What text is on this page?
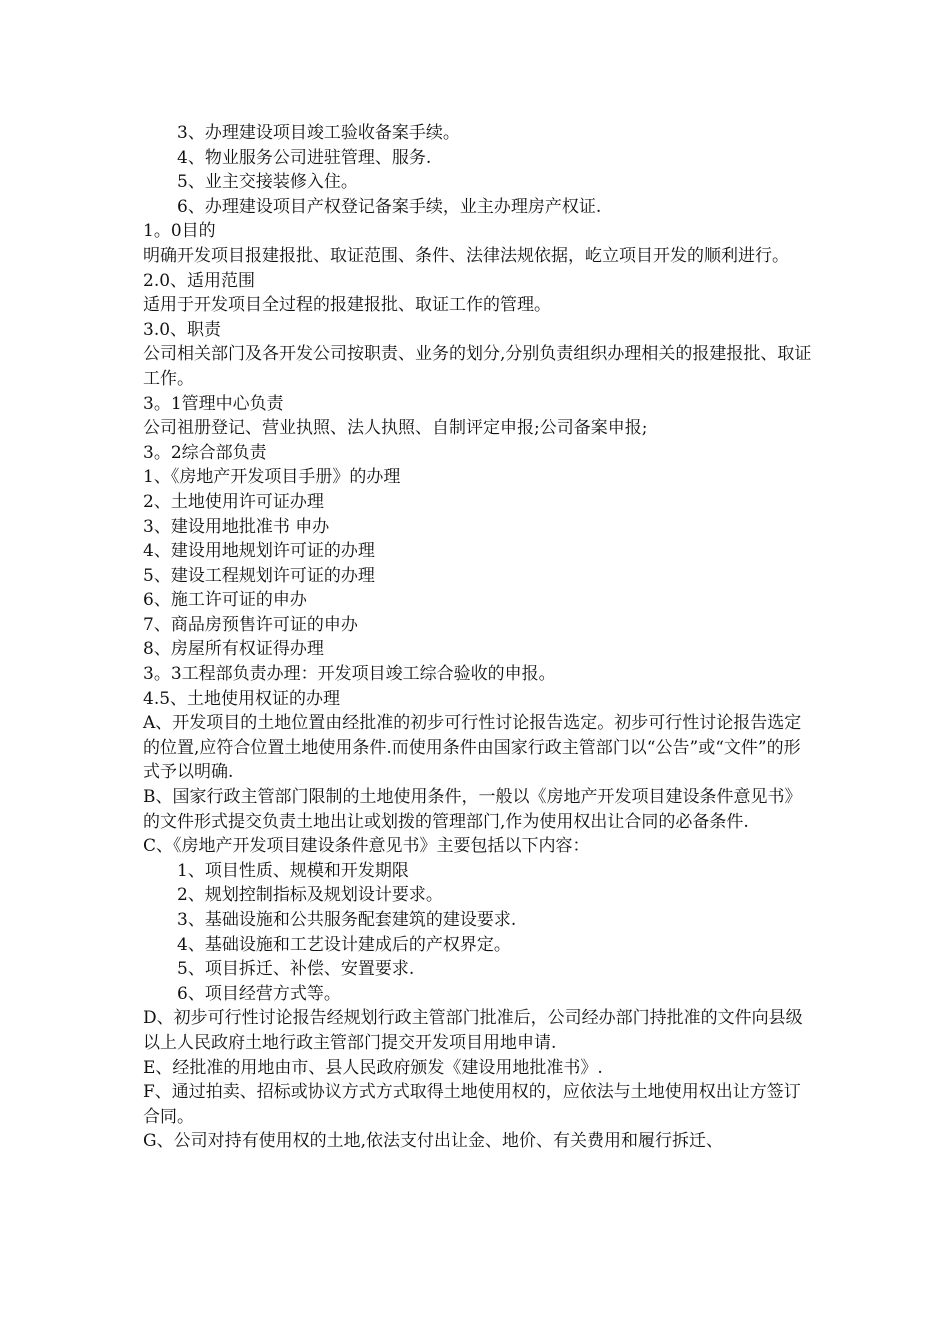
3、办理建设项目竣工验收备案手续。

4、物业服务公司进驻管理、服务.

5、业主交接装修入住。

6、办理建设项目产权登记备案手续，业主办理房产权证.

1。0目的

明确开发项目报建报批、取证范围、条件、法律法规依据，屹立项目开发的顺利进行。

2.0、适用范围

适用于开发项目全过程的报建报批、取证工作的管理。

3.0、职责

公司相关部门及各开发公司按职责、业务的划分,分别负责组织办理相关的报建报批、取证工作。

3。1管理中心负责

公司祖册登记、营业执照、法人执照、自制评定申报;公司备案申报;

3。2综合部负责

1、《房地产开发项目手册》的办理

2、土地使用许可证办理

3、建设用地批准书 申办

4、建设用地规划许可证的办理

5、建设工程规划许可证的办理

6、施工许可证的申办

7、商品房预售许可证的申办

8、房屋所有权证得办理

3。3工程部负责办理：开发项目竣工综合验收的申报。

4.5、土地使用权证的办理

A、开发项目的土地位置由经批准的初步可行性讨论报告选定。初步可行性讨论报告选定的位置,应符合位置土地使用条件.而使用条件由国家行政主管部门以“公告”或“文件”的形式予以明确.

B、国家行政主管部门限制的土地使用条件，一般以《房地产开发项目建设条件意见书》的文件形式提交负责土地出让或划拨的管理部门,作为使用权出让合同的必备条件.

C、《房地产开发项目建设条件意见书》主要包括以下内容：

1、项目性质、规模和开发期限

2、规划控制指标及规划设计要求。

3、基础设施和公共服务配套建筑的建设要求.

4、基础设施和工艺设计建成后的产权界定。

5、项目拆迁、补偿、安置要求.

6、项目经营方式等。

D、初步可行性讨论报告经规划行政主管部门批准后，公司经办部门持批准的文件向县级以上人民政府土地行政主管部门提交开发项目用地申请.

E、经批准的用地由市、县人民政府颁发《建设用地批准书》.

F、通过拍卖、招标或协议方式方式取得土地使用权的，应依法与土地使用权出让方签订合同。

G、公司对持有使用权的土地,依法支付出让金、地价、有关费用和履行拆迁、
